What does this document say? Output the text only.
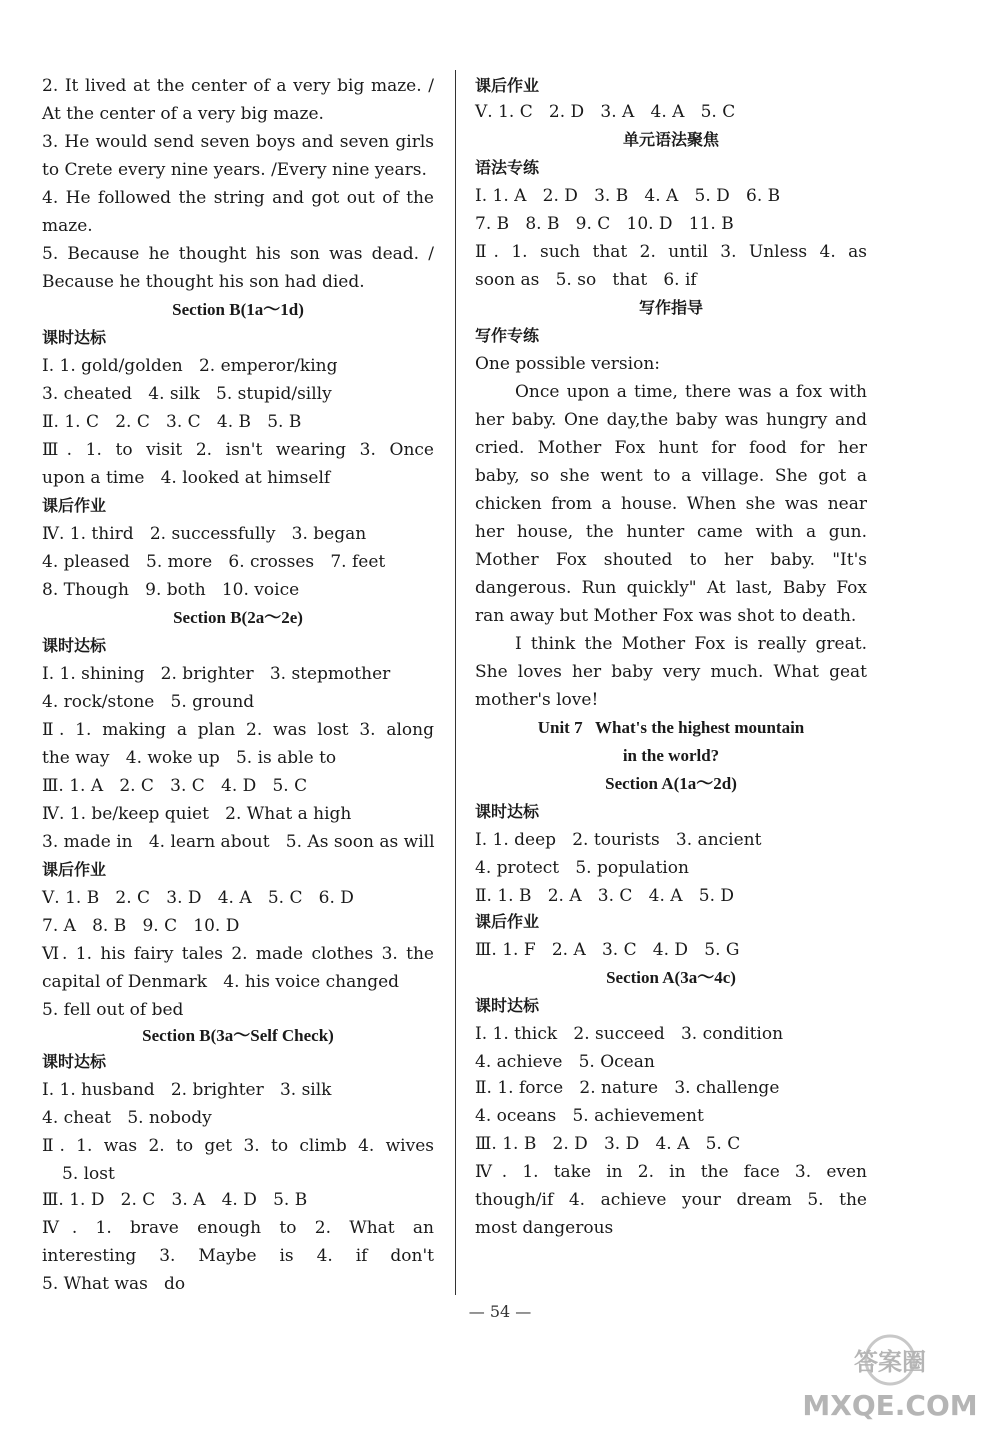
2. It lived at the center of a very big maze. /
At the center of a very big maze.
3. He would send seven boys and seven girls
to Crete every nine years. /Every nine years.
4. He followed the string and got out of the
maze.
5. Because he thought his son was dead. /
Because he thought his son had died.
Section B(1a～1d)
课时达标
Ⅰ. 1. gold/golden   2. emperor/king
3. cheated   4. silk   5. stupid/silly
Ⅱ. 1. C   2. C   3. C   4. B   5. B
Ⅲ. 1. to visit 2. isn't wearing 3. Once
upon a time   4. looked at himself
课后作业
Ⅳ. 1. third   2. successfully   3. began
4. pleased   5. more   6. crosses   7. feet
8. Though   9. both   10. voice
Section B(2a～2e)
课时达标
Ⅰ. 1. shining   2. brighter   3. stepmother
4. rock/stone   5. ground
Ⅱ. 1. making a plan 2. was lost 3. along
the way   4. woke up   5. is able to
Ⅲ. 1. A   2. C   3. C   4. D   5. C
Ⅳ. 1. be/keep quiet   2. What a high
3. made in   4. learn about   5. As soon as will
课后作业
Ⅴ. 1. B   2. C   3. D   4. A   5. C   6. D
7. A   8. B   9. C   10. D
Ⅵ. 1. his fairy tales 2. made clothes 3. the
capital of Denmark   4. his voice changed
5. fell out of bed
Section B(3a～Self Check)
课时达标
Ⅰ. 1. husband   2. brighter   3. silk
4. cheat   5. nobody
Ⅱ. 1. was 2. to get 3. to climb 4. wives
5. lost
Ⅲ. 1. D   2. C   3. A   4. D   5. B
Ⅳ. 1. brave enough to 2. What an
interesting 3. Maybe is 4. if don't
5. What was   do
课后作业
Ⅴ. 1. C   2. D   3. A   4. A   5. C
单元语法聚焦
语法专练
Ⅰ. 1. A   2. D   3. B   4. A   5. D   6. B
7. B   8. B   9. C   10. D   11. B
Ⅱ. 1. such that 2. until 3. Unless 4. as
soon as   5. so   that   6. if
写作指导
写作专练
One possible version:
Once upon a time, there was a fox with
her baby. One day,the baby was hungry and
cried. Mother Fox hunt for food for her
baby, so she went to a village. She got a
chicken from a house. When she was near
her house, the hunter came with a gun.
Mother Fox shouted to her baby. "It's
dangerous. Run quickly" At last, Baby Fox
ran away but Mother Fox was shot to death.
I think the Mother Fox is really great.
She loves her baby very much. What geat
mother's love!
Unit 7   What's the highest mountain
in the world?
Section A(1a～2d)
课时达标
Ⅰ. 1. deep   2. tourists   3. ancient
4. protect   5. population
Ⅱ. 1. B   2. A   3. C   4. A   5. D
课后作业
Ⅲ. 1. F   2. A   3. C   4. D   5. G
Section A(3a～4c)
课时达标
Ⅰ. 1. thick   2. succeed   3. condition
4. achieve   5. Ocean
Ⅱ. 1. force   2. nature   3. challenge
4. oceans   5. achievement
Ⅲ. 1. B   2. D   3. D   4. A   5. C
Ⅳ. 1. take in 2. in the face 3. even
though/if 4. achieve your dream 5. the
most dangerous
— 54 —
答案圈
MXQE.COM
